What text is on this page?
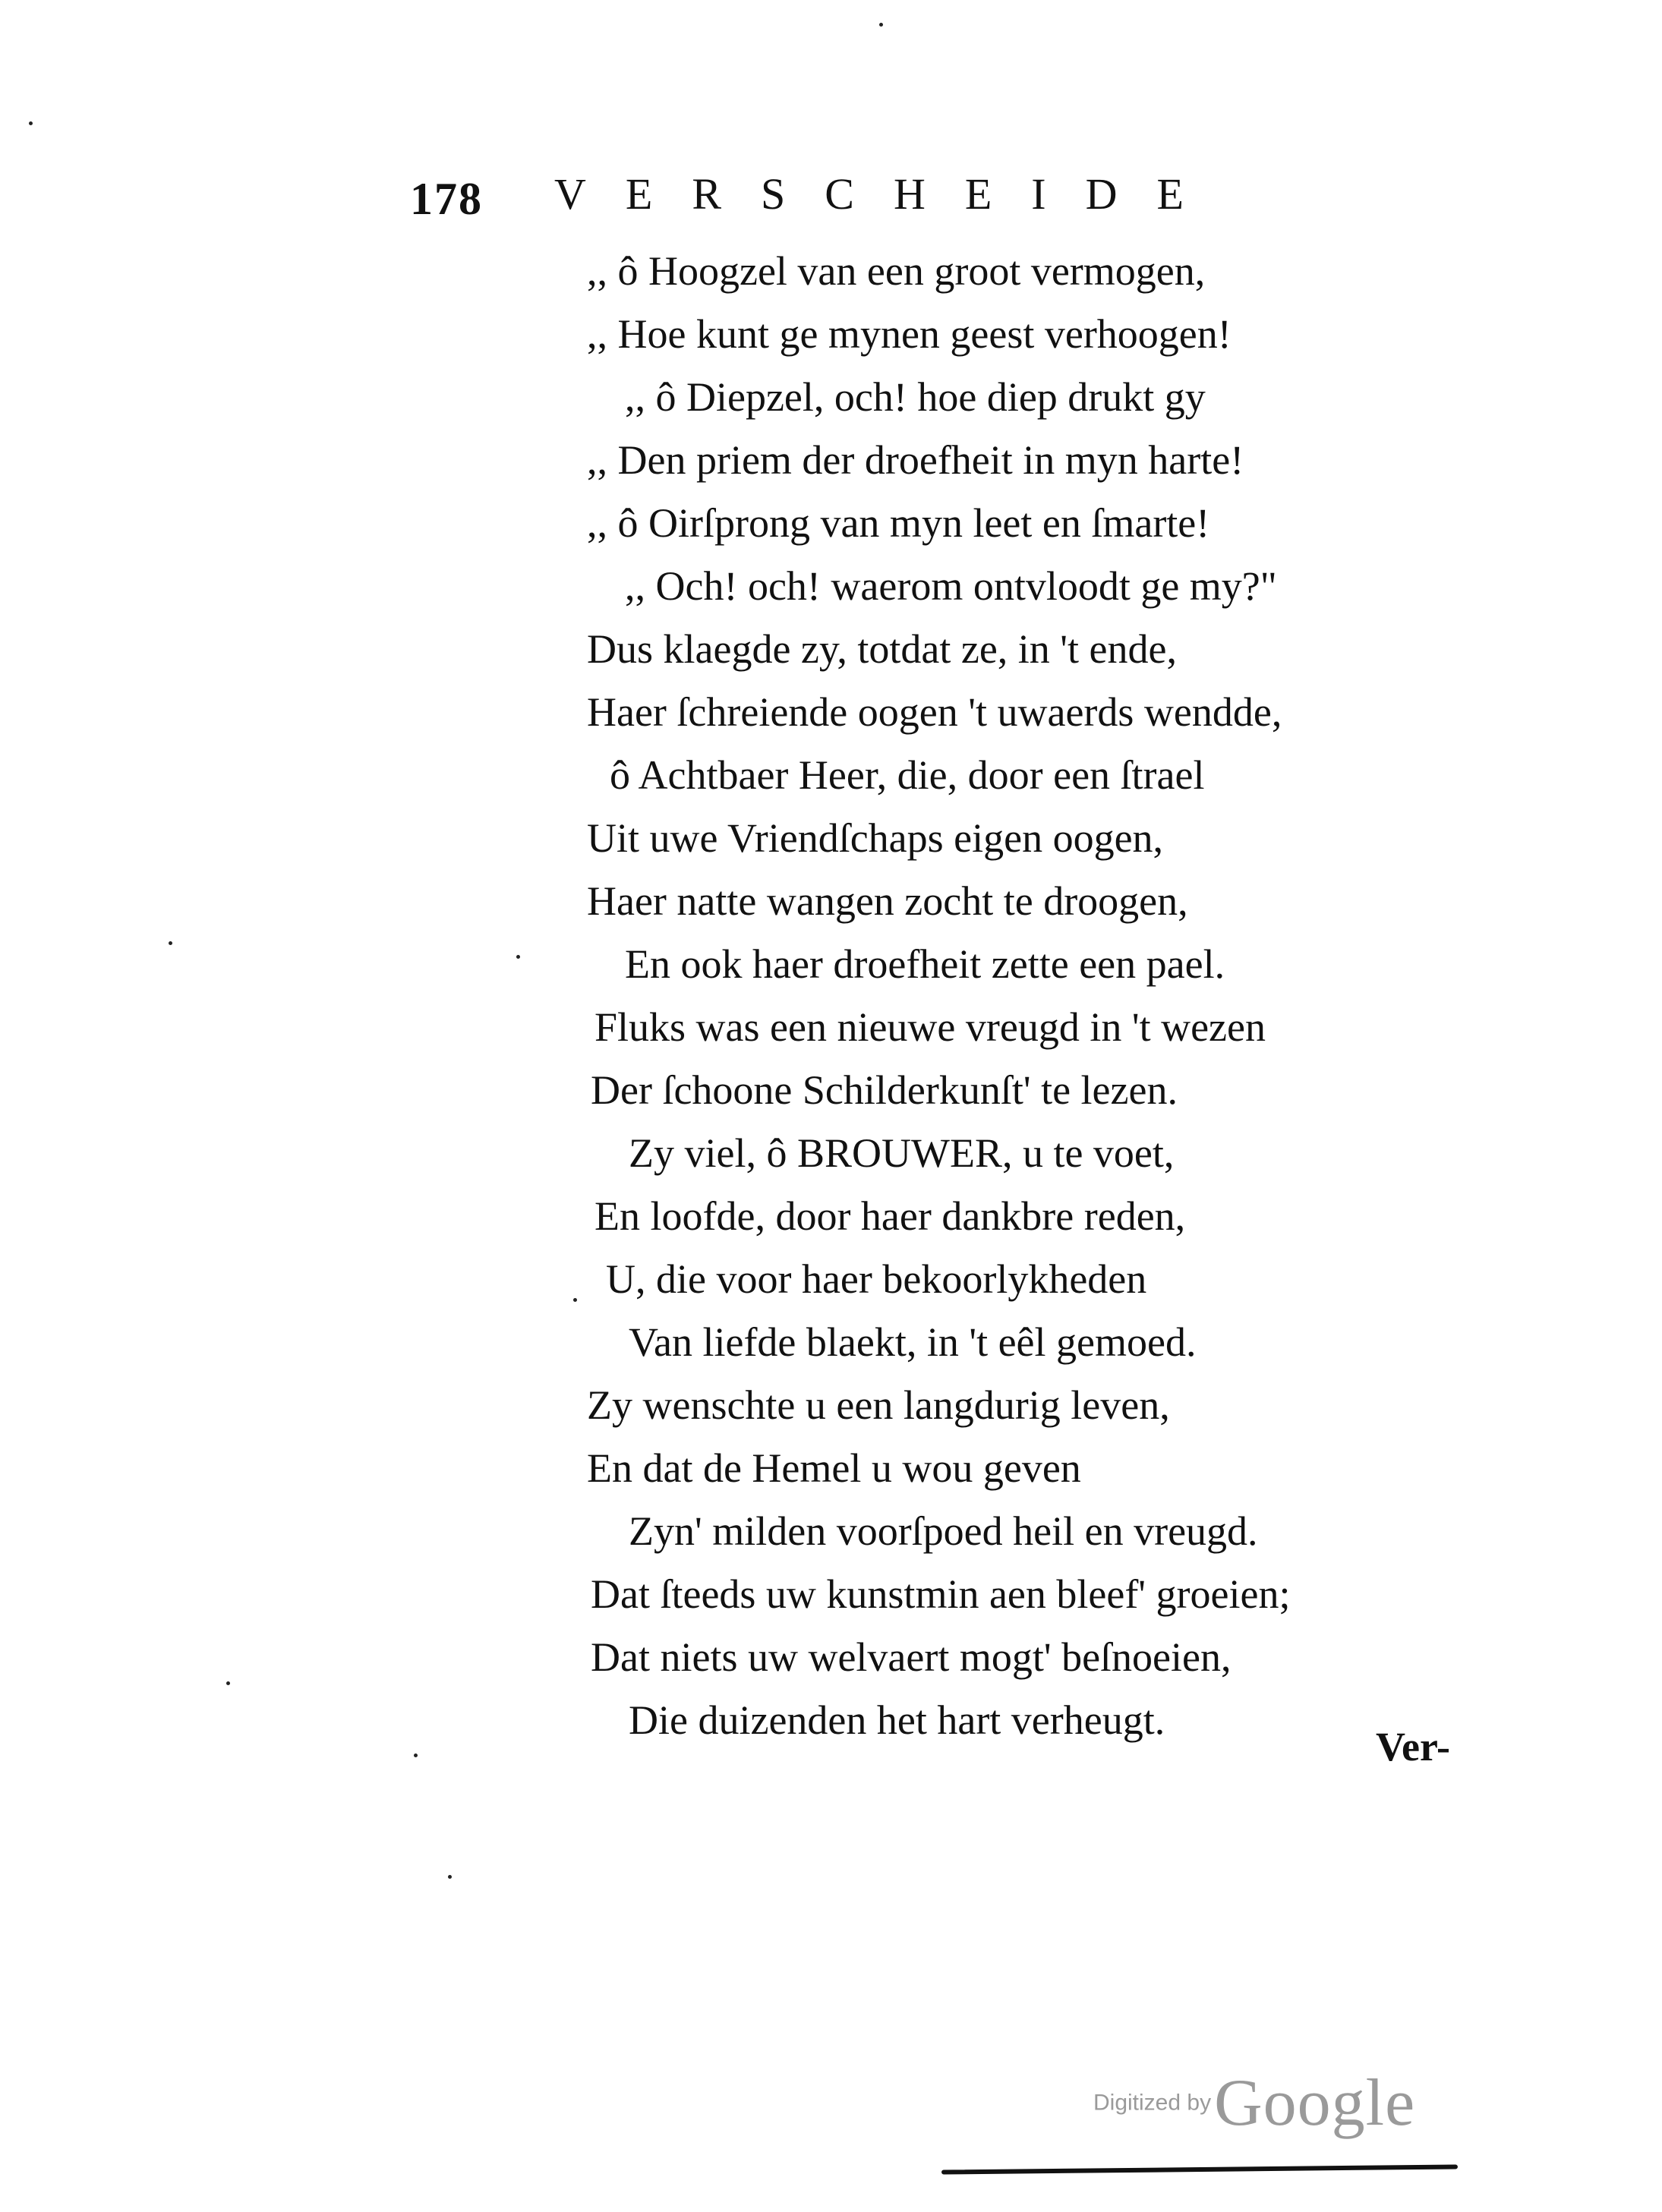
178 VERSCHEIDE
,, ô Hoogzel van een groot vermogen,
,, Hoe kunt ge mynen geest verhoogen!
,, ô Diepzel, och! hoe diep drukt gy
,, Den priem der droefheit in myn harte!
,, ô Oirſprong van myn leet en ſmarte!
,, Och! och! waerom ontvloodt ge my?"
Dus klaegde zy, totdat ze, in 't ende,
Haer ſchreiende oogen 't uwaerds wendde,
ô Achtbaer Heer, die, door een ſtrael
Uit uwe Vriendſchaps eigen oogen,
Haer natte wangen zocht te droogen,
En ook haer droefheit zette een pael.
Fluks was een nieuwe vreugd in 't wezen
Der ſchoone Schilderkunſt' te lezen.
Zy viel, ô BROUWER, u te voet,
En loofde, door haer dankbre reden,
U, die voor haer bekoorlykheden
Van liefde blaekt, in 't eêl gemoed.
Zy wenschte u een langdurig leven,
En dat de Hemel u wou geven
Zyn' milden voorſpoed heil en vreugd.
Dat ſteeds uw kunstmin aen bleef' groeien;
Dat niets uw welvaert mogt' beſnoeien,
Die duizenden het hart verheugt.
Ver-
Digitized by Google
